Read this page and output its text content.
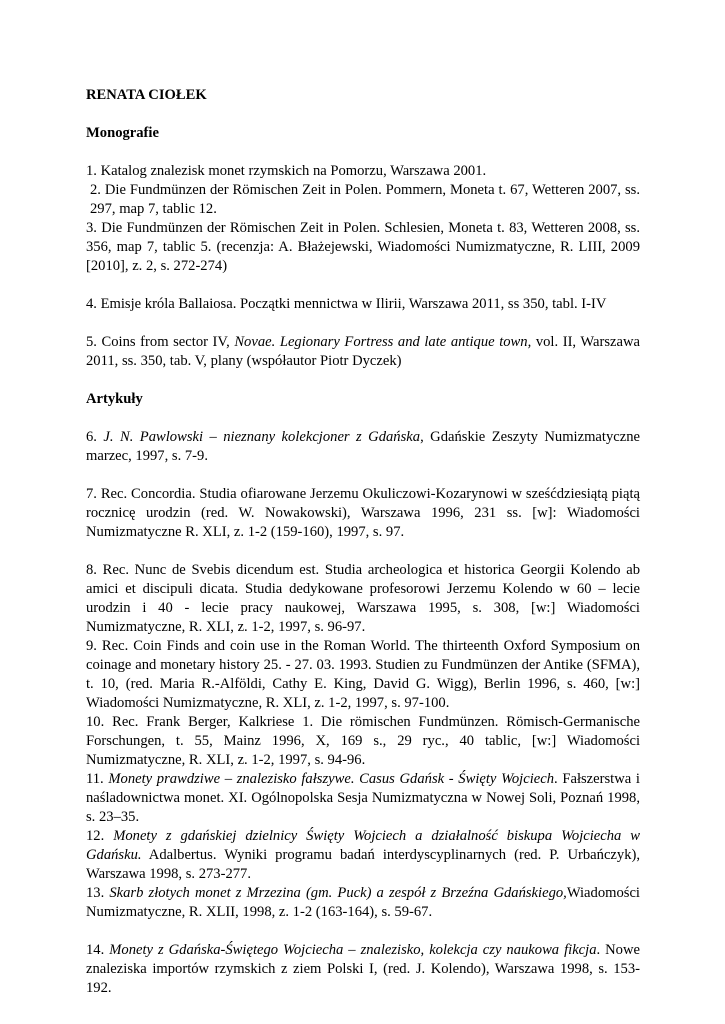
RENATA CIOŁEK

Monografie

1. Katalog znalezisk monet rzymskich na Pomorzu, Warszawa 2001.

2. Die Fundmünzen der Römischen Zeit in Polen. Pommern, Moneta t. 67, Wetteren 2007, ss. 297, map 7, tablic 12.

3. Die Fundmünzen der Römischen Zeit in Polen. Schlesien, Moneta t. 83, Wetteren 2008, ss. 356, map 7, tablic 5. (recenzja: A. Błażejewski, Wiadomości Numizmatyczne, R. LIII, 2009 [2010], z. 2, s. 272-274)

4. Emisje króla Ballaiosa. Początki mennictwa w Ilirii, Warszawa 2011, ss 350, tabl. I-IV

5. Coins from sector IV, Novae. Legionary Fortress and late antique town, vol. II, Warszawa 2011, ss. 350, tab. V, plany (współautor Piotr Dyczek)

Artykuły

6. J. N. Pawlowski – nieznany kolekcjoner z Gdańska, Gdańskie Zeszyty Numizmatyczne marzec, 1997, s. 7-9.

7. Rec. Concordia. Studia ofiarowane Jerzemu Okuliczowi-Kozarynowi w sześćdziesiątą piątą rocznicę urodzin (red. W. Nowakowski), Warszawa 1996, 231 ss. [w]: Wiadomości Numizmatyczne R. XLI, z. 1-2 (159-160), 1997, s. 97.

8. Rec. Nunc de Svebis dicendum est. Studia archeologica et historica Georgii Kolendo ab amici et discipuli dicata. Studia dedykowane profesorowi Jerzemu Kolendo w 60 – lecie urodzin i 40 - lecie pracy naukowej, Warszawa 1995, s. 308, [w:] Wiadomości Numizmatyczne, R. XLI, z. 1-2, 1997, s. 96-97.

9. Rec. Coin Finds and coin use in the Roman World. The thirteenth Oxford Symposium on coinage and monetary history 25. - 27. 03. 1993. Studien zu Fundmünzen der Antike (SFMA), t. 10, (red. Maria R.-Alföldi, Cathy E. King, David G. Wigg), Berlin 1996, s. 460, [w:] Wiadomości Numizmatyczne, R. XLI, z. 1-2, 1997, s. 97-100.

10. Rec. Frank Berger, Kalkriese 1. Die römischen Fundmünzen. Römisch-Germanische Forschungen, t. 55, Mainz 1996, X, 169 s., 29 ryc., 40 tablic, [w:] Wiadomości Numizmatyczne, R. XLI, z. 1-2, 1997, s. 94-96.

11. Monety prawdziwe – znalezisko fałszywe. Casus Gdańsk - Święty Wojciech. Fałszerstwa i naśladownictwa monet. XI. Ogólnopolska Sesja Numizmatyczna w Nowej Soli, Poznań 1998, s. 23–35.

12. Monety z gdańskiej dzielnicy Święty Wojciech a działalność biskupa Wojciecha w Gdańsku. Adalbertus. Wyniki programu badań interdyscyplinarnych (red. P. Urbańczyk), Warszawa 1998, s. 273-277.

13. Skarb złotych monet z Mrzezina (gm. Puck) a zespół z Brzeźna Gdańskiego,Wiadomości Numizmatyczne, R. XLII, 1998, z. 1-2 (163-164), s. 59-67.

14. Monety z Gdańska-Świętego Wojciecha – znalezisko, kolekcja czy naukowa fikcja. Nowe znaleziska importów rzymskich z ziem Polski I, (red. J. Kolendo), Warszawa 1998, s. 153-192.
